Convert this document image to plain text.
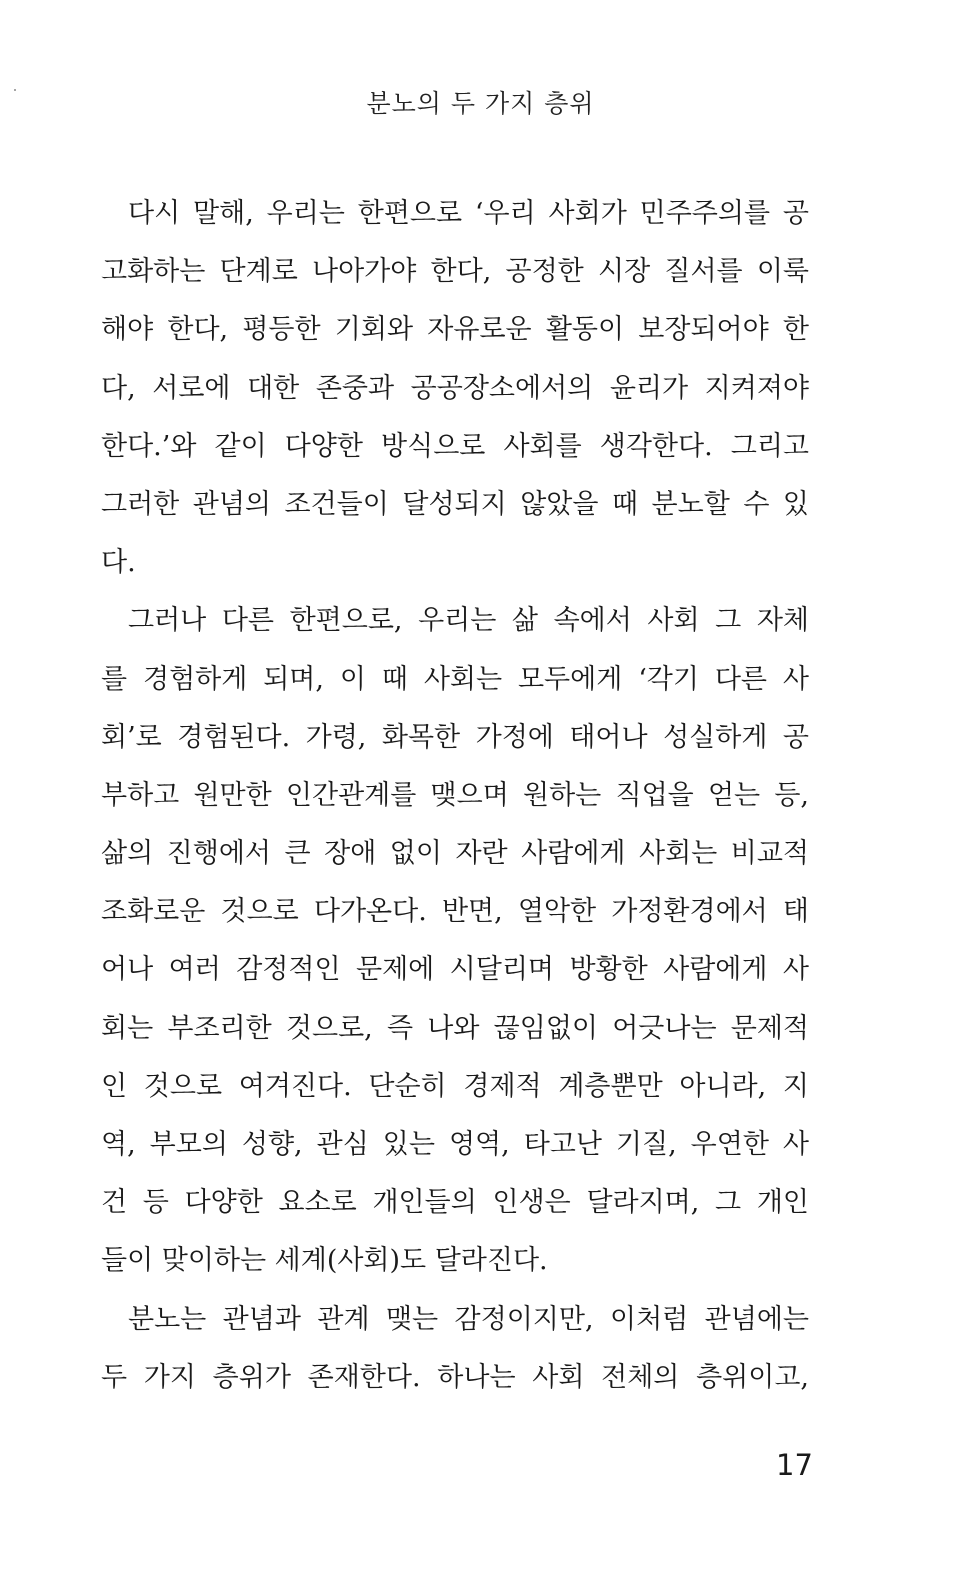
분노의 두 가지 층위
다시 말해, 우리는 한편으로 ‘우리 사회가 민주주의를 공
고화하는 단계로 나아가야 한다, 공정한 시장 질서를 이룩
해야 한다, 평등한 기회와 자유로운 활동이 보장되어야 한
다, 서로에 대한 존중과 공공장소에서의 윤리가 지켜져야
한다.’와 같이 다양한 방식으로 사회를 생각한다. 그리고
그러한 관념의 조건들이 달성되지 않았을 때 분노할 수 있
다.
그러나 다른 한편으로, 우리는 삶 속에서 사회 그 자체
를 경험하게 되며, 이 때 사회는 모두에게 ‘각기 다른 사
회’로 경험된다. 가령, 화목한 가정에 태어나 성실하게 공
부하고 원만한 인간관계를 맺으며 원하는 직업을 얻는 등,
삶의 진행에서 큰 장애 없이 자란 사람에게 사회는 비교적
조화로운 것으로 다가온다. 반면, 열악한 가정환경에서 태
어나 여러 감정적인 문제에 시달리며 방황한 사람에게 사
회는 부조리한 것으로, 즉 나와 끊임없이 어긋나는 문제적
인 것으로 여겨진다. 단순히 경제적 계층뿐만 아니라, 지
역, 부모의 성향, 관심 있는 영역, 타고난 기질, 우연한 사
건 등 다양한 요소로 개인들의 인생은 달라지며, 그 개인
들이 맞이하는 세계(사회)도 달라진다.
분노는 관념과 관계 맺는 감정이지만, 이처럼 관념에는
두 가지 층위가 존재한다. 하나는 사회 전체의 층위이고,
17
